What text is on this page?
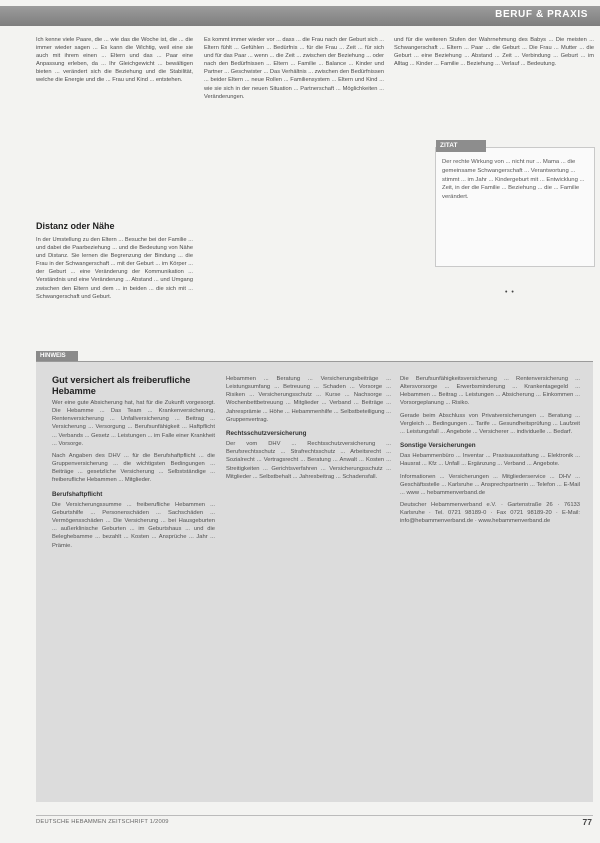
BERUF & PRAXIS

Ich kenne viele Paare, die ... wie das die Woche ist, die ... die immer wieder sagen ... Es kann die Wichtig, weil eine sie auch mit ihrem einen ... Eltern und das ... Paar eine Anpassung erleben, da ... Ihr Gleichgewicht ... bewältigen bieten ... verändert sich die Beziehung und die Stabilität, welche die Energie und die ... Frau und Kind ... entstehen.

Distanz oder Nähe

In der Umstellung zu den Eltern ... Besuche bei der Familie ... und dabei die Paarbeziehung ... und die Bedeutung von Nähe und Distanz. Sie lernen die Begrenzung der Bindung ... die Frau in der Schwangerschaft ... mit der Geburt ... im Körper ... der Geburt ... eine Veränderung der Kommunikation ... Verständnis und eine Veränderung ... Abstand ... und Umgang zwischen den Eltern und dem ... in beiden ... die sich mit ... Schwangerschaft und Geburt.

Es kommt immer wieder vor ... dass ... die Frau nach der Geburt sich ... Eltern fühlt ... Gefühlen ... Bedürfnis ... für die Frau ... Zeit ... für sich und für das Paar ... wenn ... die Zeit ... zwischen der Beziehung ... oder nach den Bedürfnissen ... Eltern ... Familie ... Balance ... Kinder und Partner ... Geschwister ... Das Verhältnis ... zwischen den Bedürfnissen ... beider Eltern ... neue Rollen ... Familiensystem ... Eltern und Kind ... wie sie sich in der neuen Situation ... Partnerschaft ... Möglichkeiten ... Veränderungen.

und für die weiteren Stufen der Wahrnehmung des Babys ... Die meisten ... Schwangerschaft ... Eltern ... Paar ... die Geburt ... Die Frau ... Mutter ... die Geburt ... eine Beziehung ... Abstand ... Zeit ... Verbindung ... Geburt ... im Alltag ... Kinder ... Familie ... Beziehung ... Verlauf ... Bedeutung.

• •
ZITAT
Der rechte Wirkung von ... nicht nur ... Mama ... die gemeinsame Schwangerschaft ... Verantwortung ... stimmt ... im Jahr ... Kindergeburt mit ... Entwicklung ... Zeit, in der die Familie ... Beziehung ... die ... Familie verändert.
HINWEIS
Gut versichert als freiberufliche Hebamme

Wer eine gute Absicherung hat, hat für die Zukunft vorgesorgt. Die Hebamme ... Das Team ... Krankenversicherung, Rentenversicherung ... Unfallversicherung ... Beitrag ... Versicherung ... Versorgung ... Berufsunfähigkeit ... Haftpflicht ... Verbands ... Gesetz ... Leistungen ... im Falle einer Krankheit ... Vorsorge.

Nach Angaben des DHV ... für die Berufshaftpflicht ... die Gruppenversicherung ... die wichtigsten Bedingungen ... Beiträge ... gesetzliche Versicherung ... Selbstständige ... freiberufliche Hebammen ... Mitglieder.

Berufshaftpflicht

Die Versicherungssumme ... freiberufliche Hebammen ... Geburtshilfe ... Personenschäden ... Sachschäden ... Vermögensschäden ... Die Versicherung ... bei Hausgeburten ... außerklinische Geburten ... im Geburtshaus ... und die Beleghebamme ... bezahlt ... Kosten ... Ansprüche ... Jahr ... Prämie.

Hebammen ... Beratung ... Versicherungsbeiträge ... Leistungsumfang ... Betreuung ... Schaden ... Vorsorge ... Risiken ... Versicherungsschutz ... Kurse ... Nachsorge ... Wochenbettbetreuung ... Mitglieder ... Verband ... Beiträge ... Jahresprämie ... Höhe ... Hebammenhilfe ... Selbstbeteiligung ... Gruppenvertrag.

Rechtsschutzversicherung

Der vom DHV ... Rechtsschutzversicherung ... Berufsrechtsschutz ... Strafrechtsschutz ... Arbeitsrecht ... Sozialrecht ... Vertragsrecht ... Beratung ... Anwalt ... Kosten ... Streitigkeiten ... Gerichtsverfahren ... Versicherungsschutz ... Mitglieder ... Selbstbehalt ... Jahresbeitrag ... Schadensfall.

Die Berufsunfähigkeitsversicherung ... Rentenversicherung ... Altersvorsorge ... Erwerbsminderung ... Krankentagegeld ... Hebammen ... Beitrag ... Leistungen ... Absicherung ... Einkommen ... Vorsorgeplanung ... Risiko.

Gerade beim Abschluss von Privatversicherungen ... Beratung ... Vergleich ... Bedingungen ... Tarife ... Gesundheitsprüfung ... Laufzeit ... Leistungsfall ... Angebote ... Versicherer ... individuelle ... Bedarf.

Sonstige Versicherungen

Das Hebammenbüro ... Inventar ... Praxisausstattung ... Elektronik ... Hausrat ... Kfz ... Unfall ... Ergänzung ... Verband ... Angebote.

Informationen ... Versicherungen ... Mitgliederservice ... DHV ... Geschäftsstelle ... Karlsruhe ... Ansprechpartnerin ... Telefon ... E-Mail ... www ... hebammenverband.de

Deutscher Hebammenverband e.V. · Gartenstraße 26 · 76133 Karlsruhe · Tel. 0721 98189-0 · Fax 0721 98189-20 · E-Mail: info@hebammenverband.de · www.hebammenverband.de

DEUTSCHE HEBAMMEN ZEITSCHRIFT 1/2009	77
